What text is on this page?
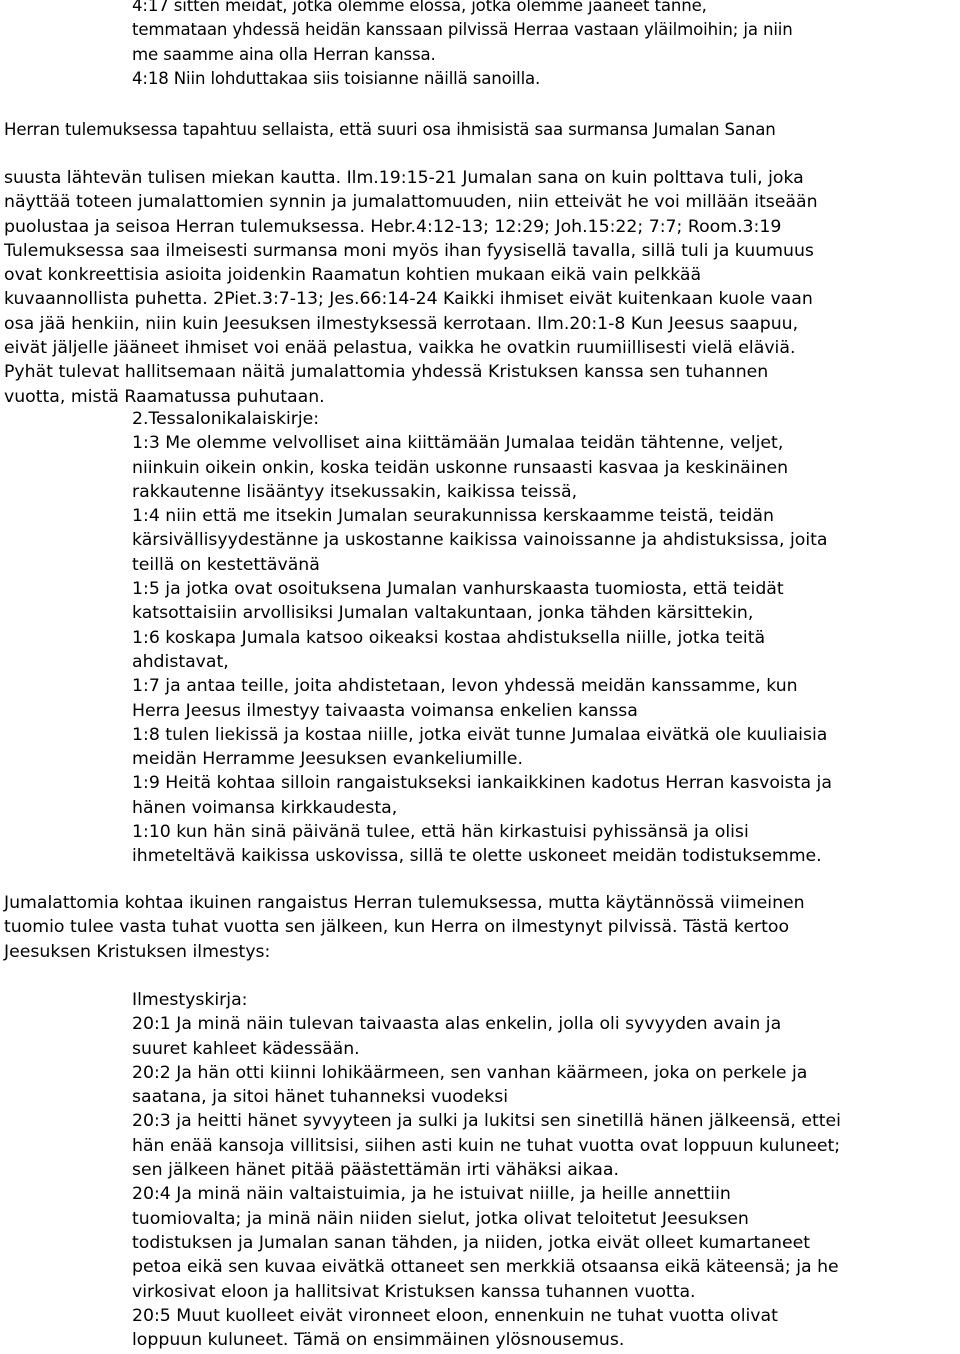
4:17 sitten meidät, jotka olemme elossa, jotka olemme jääneet tänne,
temmataan yhdessä heidän kanssaan pilvissä Herraa vastaan yläilmoihin; ja niin
me saamme aina olla Herran kanssa.
4:18 Niin lohduttakaa siis toisianne näillä sanoilla.
Herran tulemuksessa tapahtuu sellaista, että suuri osa ihmisistä saa surmansa Jumalan Sanan
suusta lähtevän tulisen miekan kautta. Ilm.19:15-21 Jumalan sana on kuin polttava tuli, joka
näyttää toteen jumalattomien synnin ja jumalattomuuden, niin etteivät he voi millään itseään
puolustaa ja seisoa Herran tulemuksessa. Hebr.4:12-13; 12:29; Joh.15:22; 7:7; Room.3:19
Tulemuksessa saa ilmeisesti surmansa moni myös ihan fyysisellä tavalla, sillä tuli ja kuumuus
ovat konkreettisia asioita joidenkin Raamatun kohtien mukaan eikä vain pelkkää
kuvaannollista puhetta. 2Piet.3:7-13; Jes.66:14-24 Kaikki ihmiset eivät kuitenkaan kuole vaan
osa jää henkiin, niin kuin Jeesuksen ilmestyksessä kerrotaan. Ilm.20:1-8 Kun Jeesus saapuu,
eivät jäljelle jääneet ihmiset voi enää pelastua, vaikka he ovatkin ruumiillisesti vielä eläviä.
Pyhät tulevat hallitsemaan näitä jumalattomia yhdessä Kristuksen kanssa sen tuhannen
vuotta, mistä Raamatussa puhutaan.
2.Tessalonikalaiskirje:
1:3 Me olemme velvolliset aina kiittämään Jumalaa teidän tähtenne, veljet,
niinkuin oikein onkin, koska teidän uskonne runsaasti kasvaa ja keskinäinen
rakkautenne lisääntyy itsekussakin, kaikissa teissä,
1:4 niin että me itsekin Jumalan seurakunnissa kerskaamme teistä, teidän
kärsivällisyydestänne ja uskostanne kaikissa vainoissanne ja ahdistuksissa, joita
teillä on kestettävänä
1:5 ja jotka ovat osoituksena Jumalan vanhurskaasta tuomiosta, että teidät
katsottaisiin arvollisiksi Jumalan valtakuntaan, jonka tähden kärsittekin,
1:6 koskapa Jumala katsoo oikeaksi kostaa ahdistuksella niille, jotka teitä
ahdistavat,
1:7 ja antaa teille, joita ahdistetaan, levon yhdessä meidän kanssamme, kun
Herra Jeesus ilmestyy taivaasta voimansa enkelien kanssa
1:8 tulen liekissä ja kostaa niille, jotka eivät tunne Jumalaa eivätkä ole kuuliaisia
meidän Herramme Jeesuksen evankeliumille.
1:9 Heitä kohtaa silloin rangaistukseksi iankaikkinen kadotus Herran kasvoista ja
hänen voimansa kirkkaudesta,
1:10 kun hän sinä päivänä tulee, että hän kirkastuisi pyhissänsä ja olisi
ihmeteltävä kaikissa uskovissa, sillä te olette uskoneet meidän todistuksemme.
Jumalattomia kohtaa ikuinen rangaistus Herran tulemuksessa, mutta käytännössä viimeinen
tuomio tulee vasta tuhat vuotta sen jälkeen, kun Herra on ilmestynyt pilvissä. Tästä kertoo
Jeesuksen Kristuksen ilmestys:
Ilmestyskirja:
20:1 Ja minä näin tulevan taivaasta alas enkelin, jolla oli syvyyden avain ja
suuret kahleet kädessään.
20:2 Ja hän otti kiinni lohikäärmeen, sen vanhan käärmeen, joka on perkele ja
saatana, ja sitoi hänet tuhanneksi vuodeksi
20:3 ja heitti hänet syvyyteen ja sulki ja lukitsi sen sinetillä hänen jälkeensä, ettei
hän enää kansoja villitsisi, siihen asti kuin ne tuhat vuotta ovat loppuun kuluneet;
sen jälkeen hänet pitää päästettämän irti vähäksi aikaa.
20:4 Ja minä näin valtaistuimia, ja he istuivat niille, ja heille annettiin
tuomiovalta; ja minä näin niiden sielut, jotka olivat teloitetut Jeesuksen
todistuksen ja Jumalan sanan tähden, ja niiden, jotka eivät olleet kumartaneet
petoa eikä sen kuvaa eivätkä ottaneet sen merkkiä otsaansa eikä käteensä; ja he
virkosivat eloon ja hallitsivat Kristuksen kanssa tuhannen vuotta.
20:5 Muut kuolleet eivät vironneet eloon, ennenkuin ne tuhat vuotta olivat
loppuun kuluneet. Tämä on ensimmäinen ylösnousemus.
